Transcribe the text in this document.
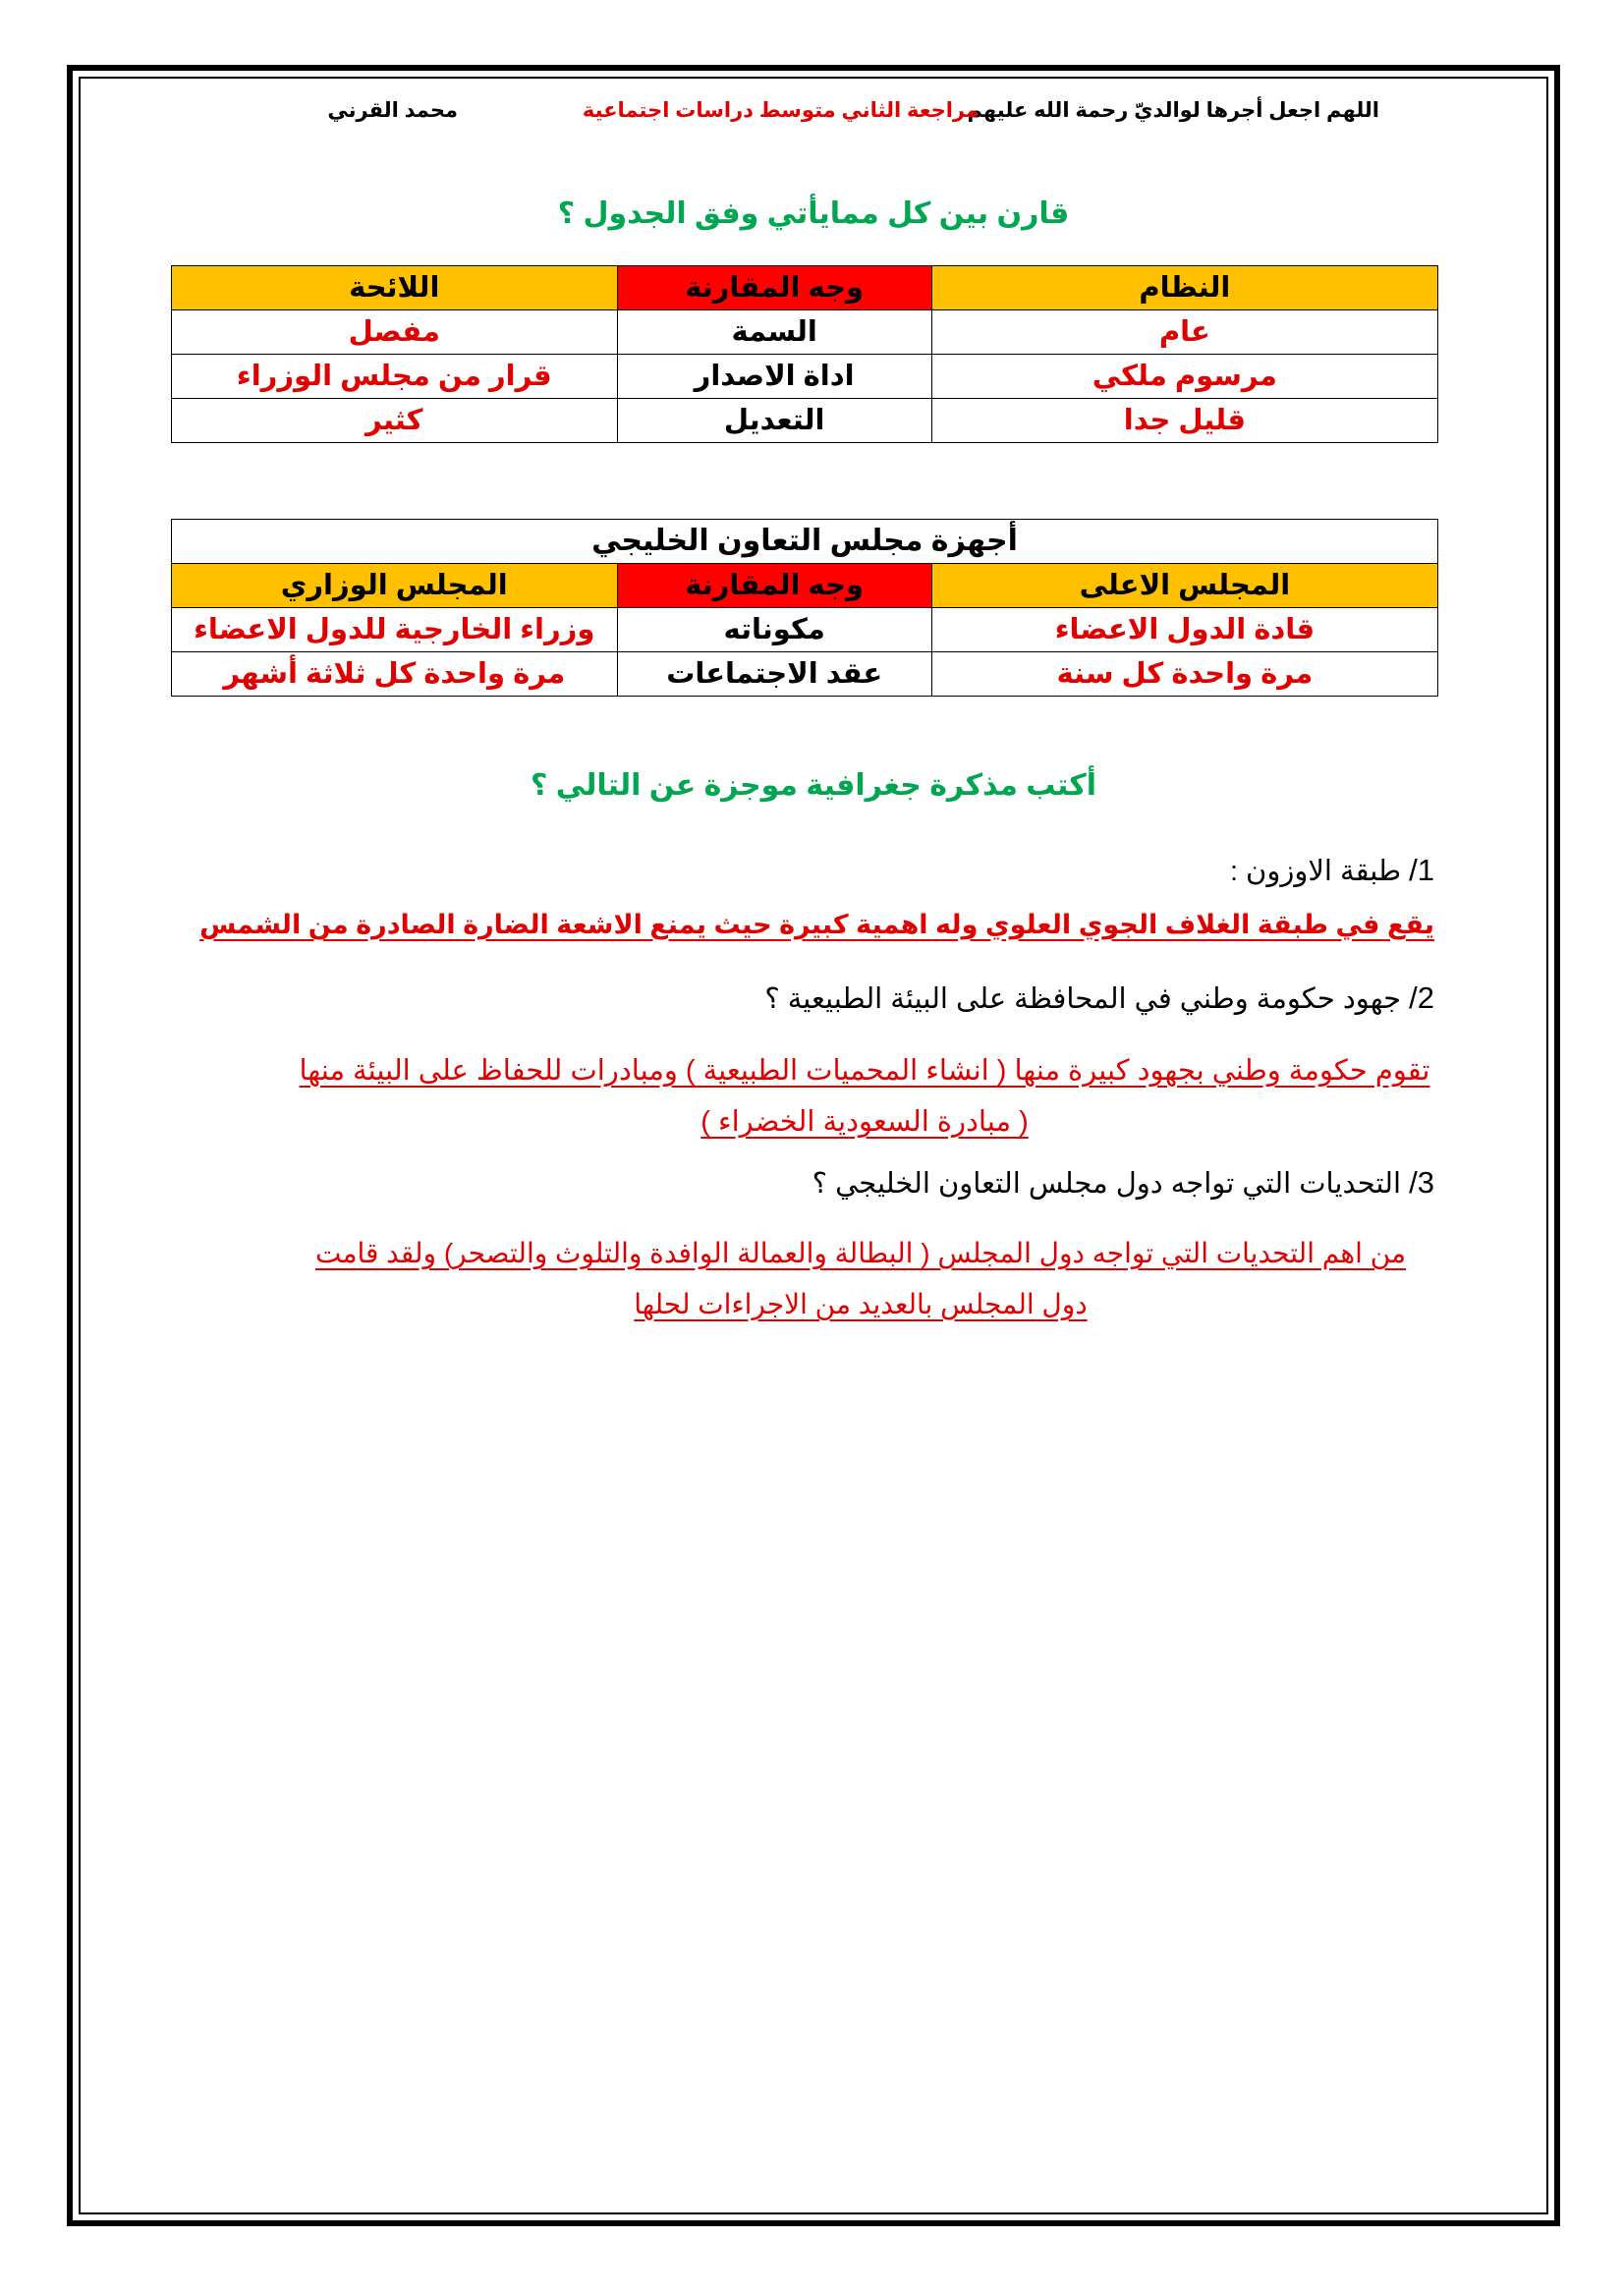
اللهم اجعل أجرها لوالديّ رحمة الله عليهم
مراجعة الثاني متوسط دراسات اجتماعية
محمد القرني
قارن بين كل ممايأتي وفق الجدول ؟
النظام	وجه المقارنة	اللائحة
عام	السمة	مفصل
مرسوم ملكي	اداة الاصدار	قرار من مجلس الوزراء
قليل جدا	التعديل	كثير
أجهزة مجلس التعاون الخليجي		
المجلس الاعلى	وجه المقارنة	المجلس الوزاري
قادة الدول الاعضاء	مكوناته	وزراء الخارجية للدول الاعضاء
مرة واحدة كل سنة	عقد الاجتماعات	مرة واحدة كل ثلاثة أشهر
أكتب مذكرة جغرافية موجزة عن التالي ؟
1/ طبقة الاوزون :
يقع في طبقة الغلاف الجوي العلوي وله اهمية كبيرة حيث يمنع الاشعة الضارة الصادرة من الشمس
2/ جهود حكومة وطني في المحافظة على البيئة الطبيعية ؟
تقوم حكومة وطني بجهود كبيرة منها ( انشاء المحميات الطبيعية ) ومبادرات للحفاظ على البيئة منها ( مبادرة السعودية الخضراء )
3/ التحديات التي تواجه دول مجلس التعاون الخليجي ؟
من اهم التحديات التي تواجه دول المجلس ( البطالة والعمالة الوافدة والتلوث والتصحر) ولقد قامت دول المجلس بالعديد من الاجراءات لحلها
